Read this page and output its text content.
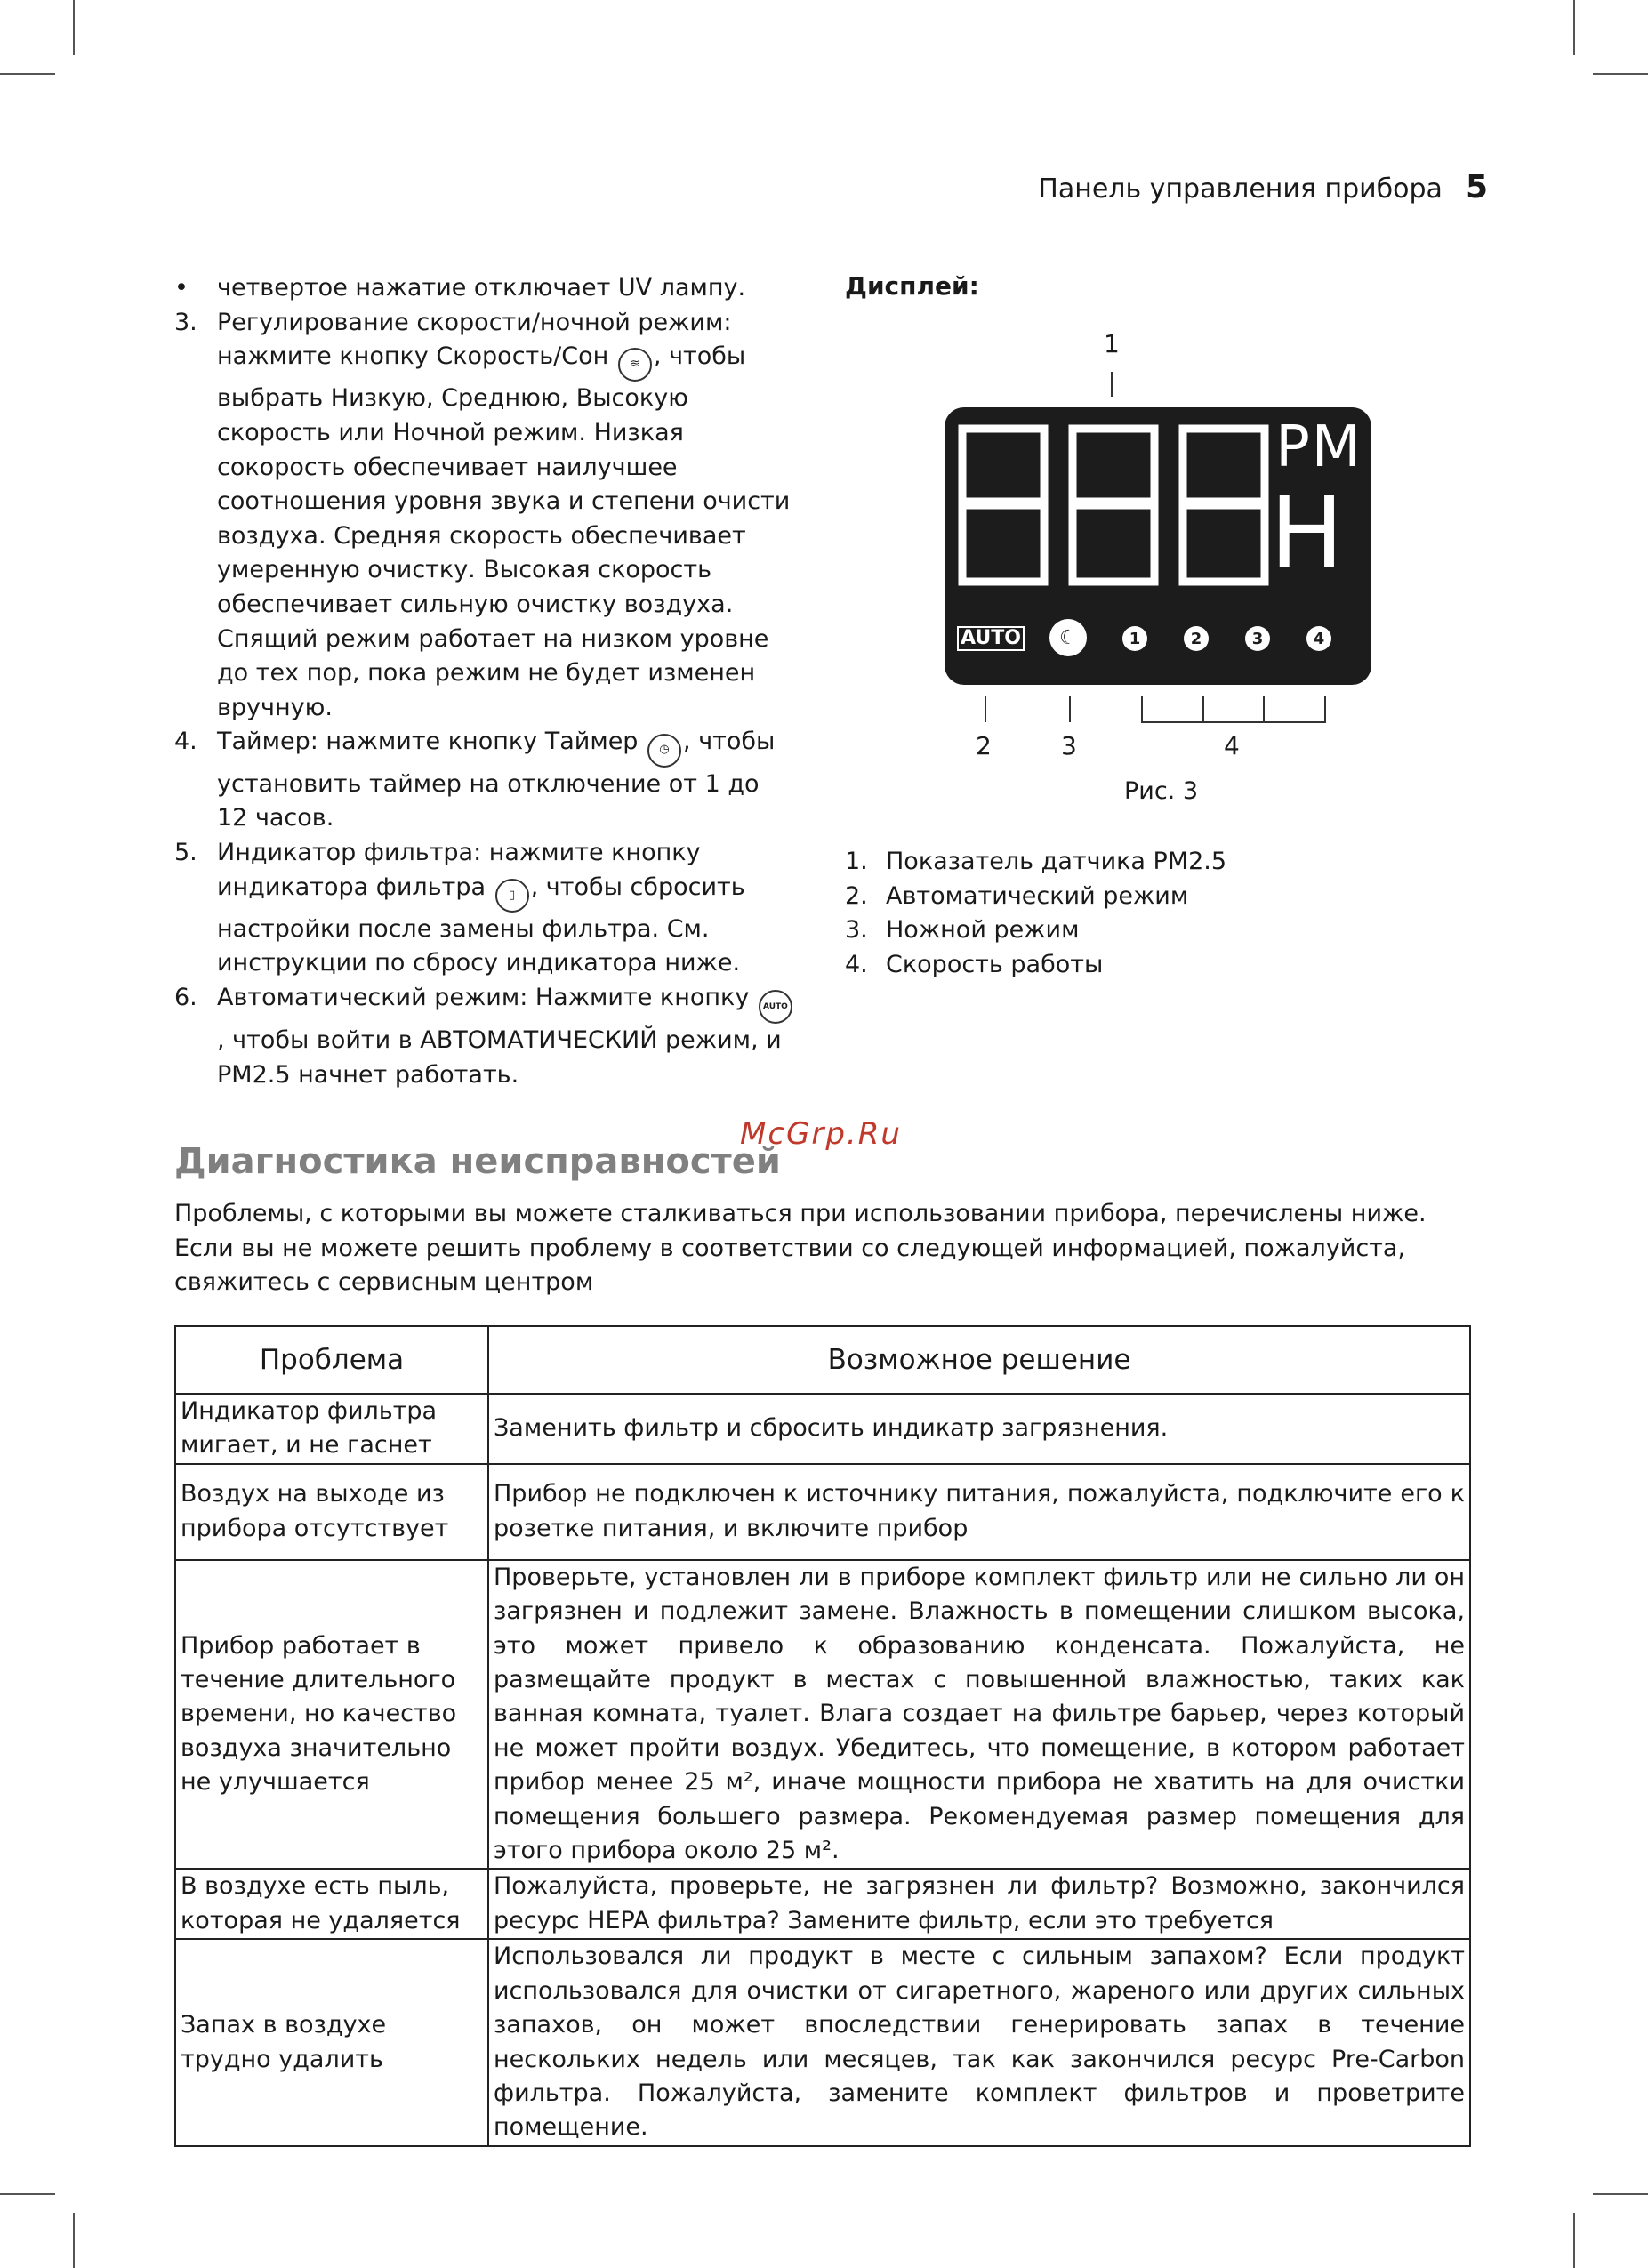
Панель управления прибора 5
•	четвертое нажатие отключает UV лампу.
3. Регулирование скорости/ночной режим: нажмите кнопку Скорость/Сон ≋ , чтобы выбрать Низкую, Среднюю, Высокую скорость или Ночной режим. Низкая сокорость обеспечивает наилучшее соотношения уровня звука и степени очисти воздуха. Средняя скорость обеспечивает умеренную очистку. Высокая скорость обеспечивает сильную очистку воздуха. Спящий режим работает на низком уровне до тех пор, пока режим не будет изменен вручную.
4. Таймер: нажмите кнопку Таймер ◷ , чтобы установить таймер на отключение от 1 до 12 часов.
5. Индикатор фильтра: нажмите кнопку индикатора фильтра ▯ , чтобы сбросить настройки после замены фильтра. См. инструкции по сбросу индикатора ниже.
6. Автоматический режим: Нажмите кнопку AUTO, чтобы войти в АВТОМАТИЧЕСКИЙ режим, и PM2.5 начнет работать.
Дисплей:
PM
H
AUTO	☾	1	2	3	4
1
2	3	4
Рис. 3
1. Показатель датчика PM2.5
2. Автоматический режим
3. Ножной режим
4. Скорость работы
McGrp.Ru
Диагностика неисправностей
Проблемы, с которыми вы можете сталкиваться при использовании прибора, перечислены ниже. Если вы не можете решить проблему в соответствии со следующей информацией, пожалуйста, свяжитесь с сервисным центром
Проблема	Возможное решение
Индикатор фильтра мигает, и не гаснет	Заменить фильтр и сбросить индикатр загрязнения.
Воздух на выходе из прибора отсутствует	Прибор не подключен к источнику питания, пожалуйста, подключите его к розетке питания, и включите прибор
Прибор работает в течение длительного времени, но качество воздуха значительно не улучшается	Проверьте, установлен ли в приборе комплект фильтр или не сильно ли он загрязнен и подлежит замене. Влажность в помещении слишком высока, это может привело к образованию конденсата. Пожалуйста, не размещайте продукт в местах с повышенной влажностью, таких как ванная комната, туалет. Влага создает на фильтре барьер, через который не может пройти воздух. Убедитесь, что помещение, в котором работает прибор менее 25 м², иначе мощности прибора не хватить на для очистки помещения большего размера. Рекомендуемая размер помещения для этого прибора около 25 м².
В воздухе есть пыль, которая не удаляется	Пожалуйста, проверьте, не загрязнен ли фильтр? Возможно, закончился ресурс HEPA фильтра? Замените фильтр, если это требуется
Запах в воздухе трудно удалить	Использовался ли продукт в месте с сильным запахом? Если продукт использовался для очистки от сигаретного, жареного или других сильных запахов, он может впоследствии генерировать запах в течение нескольких недель или месяцев, так как закончился ресурс Pre-Carbon фильтра. Пожалуйста, замените комплект фильтров и проветрите помещение.
